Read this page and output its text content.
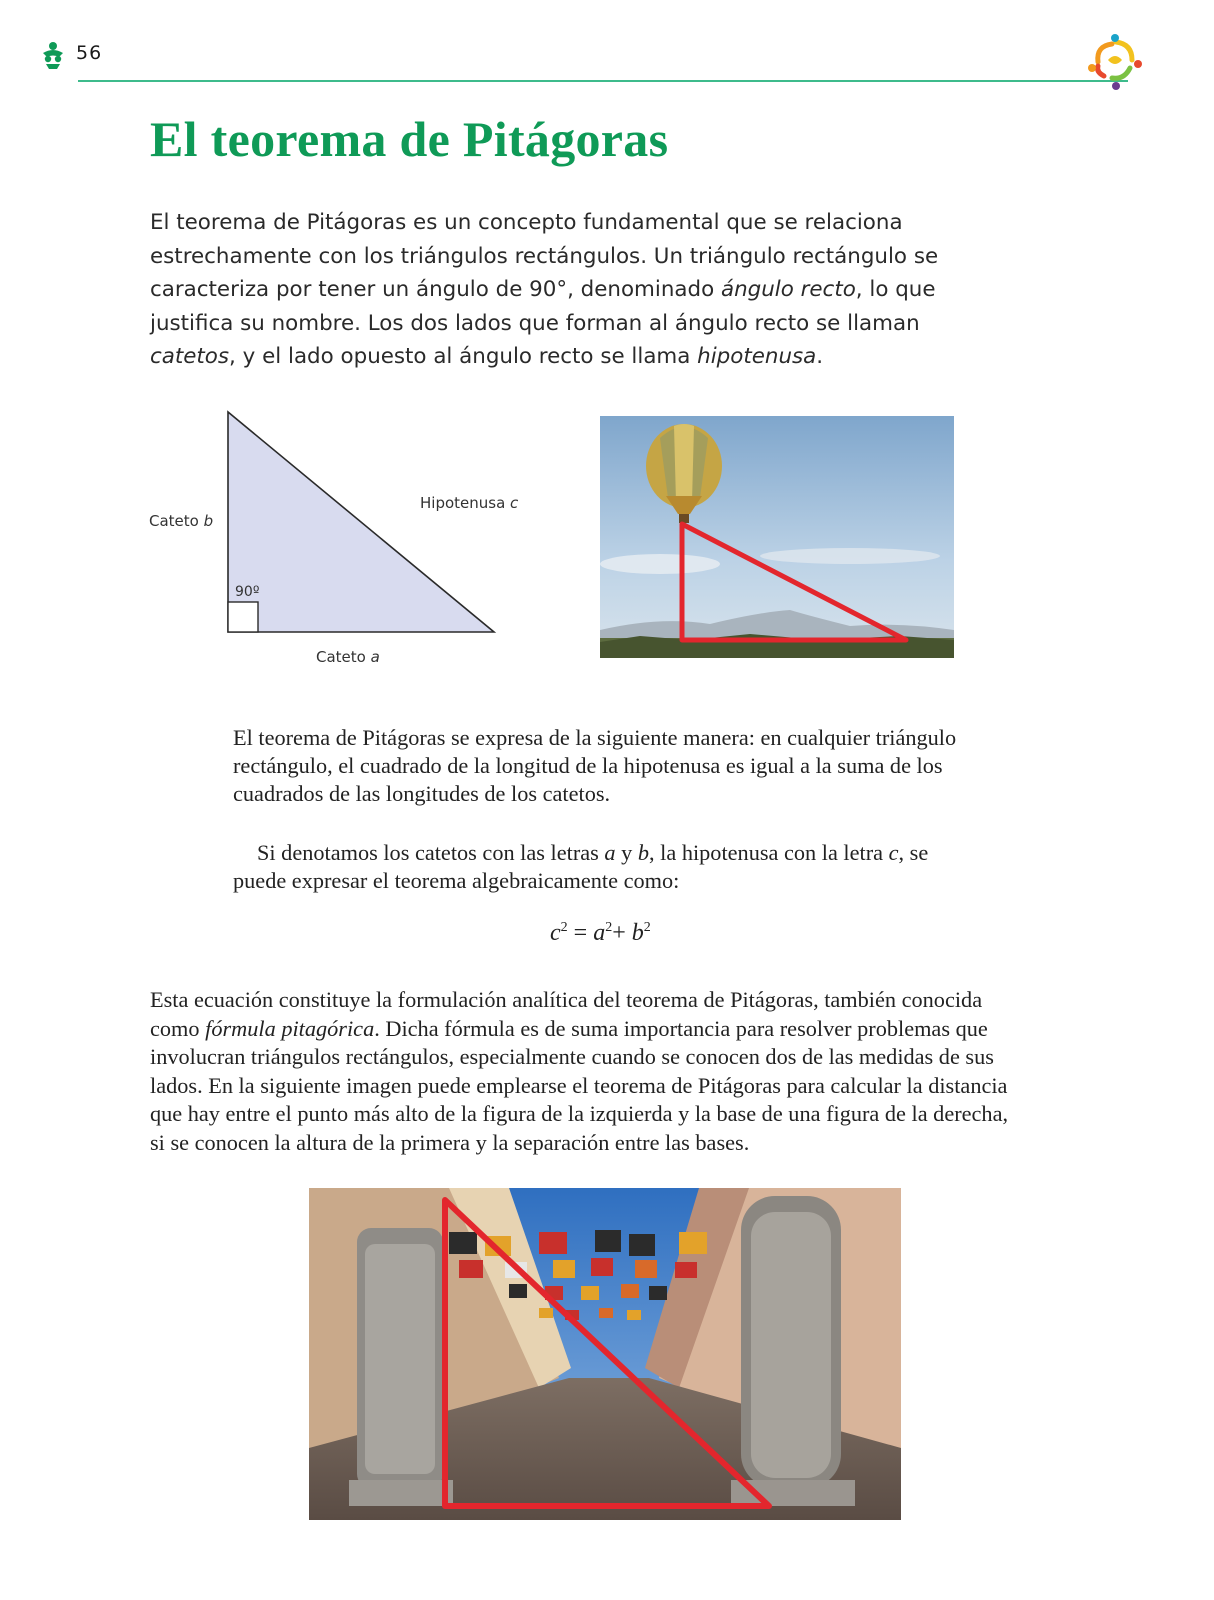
56
El teorema de Pitágoras

El teorema de Pitágoras es un concepto fundamental que se relaciona estrechamente con los triángulos rectángulos. Un triángulo rectángulo se caracteriza por tener un ángulo de 90°, denominado ángulo recto, lo que justifica su nombre. Los dos lados que forman al ángulo recto se llaman catetos, y el lado opuesto al ángulo recto se llama hipotenusa.

90º
Cateto b
Hipotenusa c
Cateto a

El teorema de Pitágoras se expresa de la siguiente manera: en cualquier triángulo rectángulo, el cuadrado de la longitud de la hipotenusa es igual a la suma de los cuadrados de las longitudes de los catetos.

Si denotamos los catetos con las letras a y b, la hipotenusa con la letra c, se puede expresar el teorema algebraicamente como:

$c^2 = a^2+ b^2$

Esta ecuación constituye la formulación analítica del teorema de Pitágoras, también conocida como fórmula pitagórica. Dicha fórmula es de suma importancia para resolver problemas que involucran triángulos rectángulos, especialmente cuando se conocen dos de las medidas de sus lados. En la siguiente imagen puede emplearse el teorema de Pitágoras para calcular la distancia que hay entre el punto más alto de la figura de la izquierda y la base de una figura de la derecha, si se conocen la altura de la primera y la separación entre las bases.
